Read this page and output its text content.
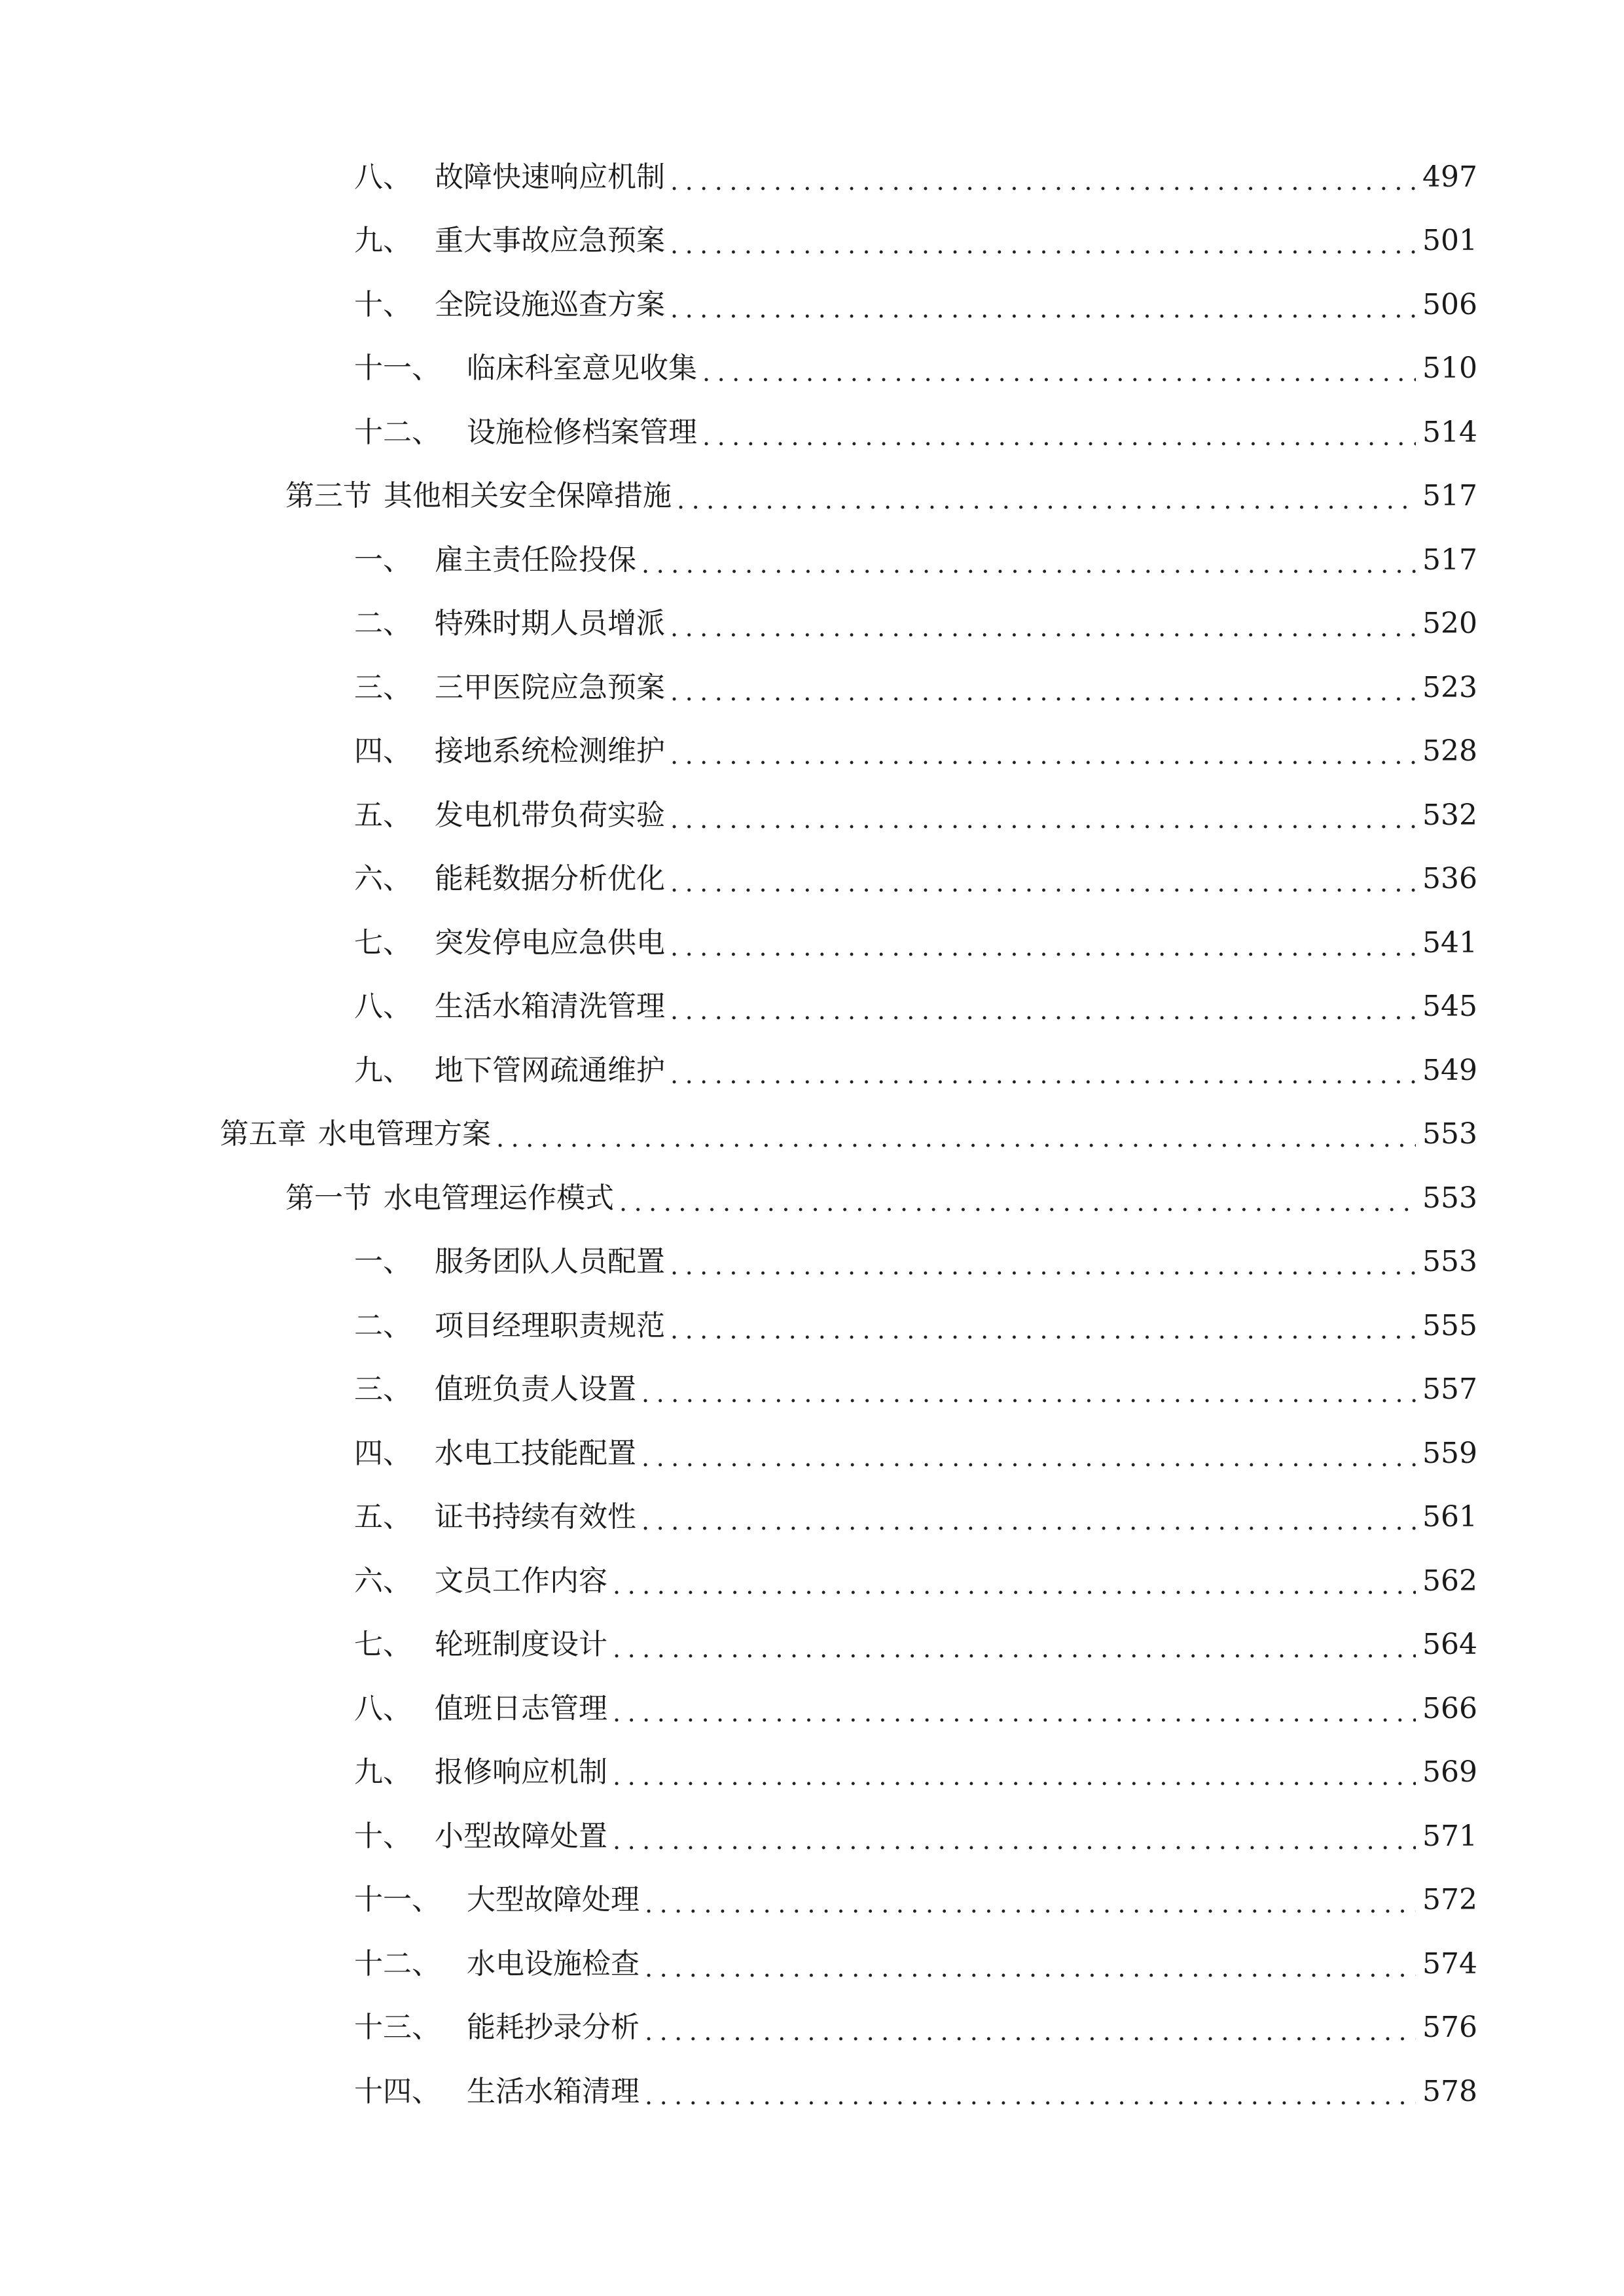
八、 故障快速响应机制 .....	497
九、 重大事故应急预案 .....	501
十、 全院设施巡查方案 .....	506
十一、 临床科室意见收集 .....	510
十二、 设施检修档案管理 .....	514
第三节 其他相关安全保障措施 .....	517
一、 雇主责任险投保 .....	517
二、 特殊时期人员增派 .....	520
三、 三甲医院应急预案 .....	523
四、 接地系统检测维护 .....	528
五、 发电机带负荷实验 .....	532
六、 能耗数据分析优化 .....	536
七、 突发停电应急供电 .....	541
八、 生活水箱清洗管理 .....	545
九、 地下管网疏通维护 .....	549
第五章 水电管理方案 .....	553
第一节 水电管理运作模式 .....	553
一、 服务团队人员配置 .....	553
二、 项目经理职责规范 .....	555
三、 值班负责人设置 .....	557
四、 水电工技能配置 .....	559
五、 证书持续有效性 .....	561
六、 文员工作内容 .....	562
七、 轮班制度设计 .....	564
八、 值班日志管理 .....	566
九、 报修响应机制 .....	569
十、 小型故障处置 .....	571
十一、 大型故障处理 .....	572
十二、 水电设施检查 .....	574
十三、 能耗抄录分析 .....	576
十四、 生活水箱清理 .....	578
